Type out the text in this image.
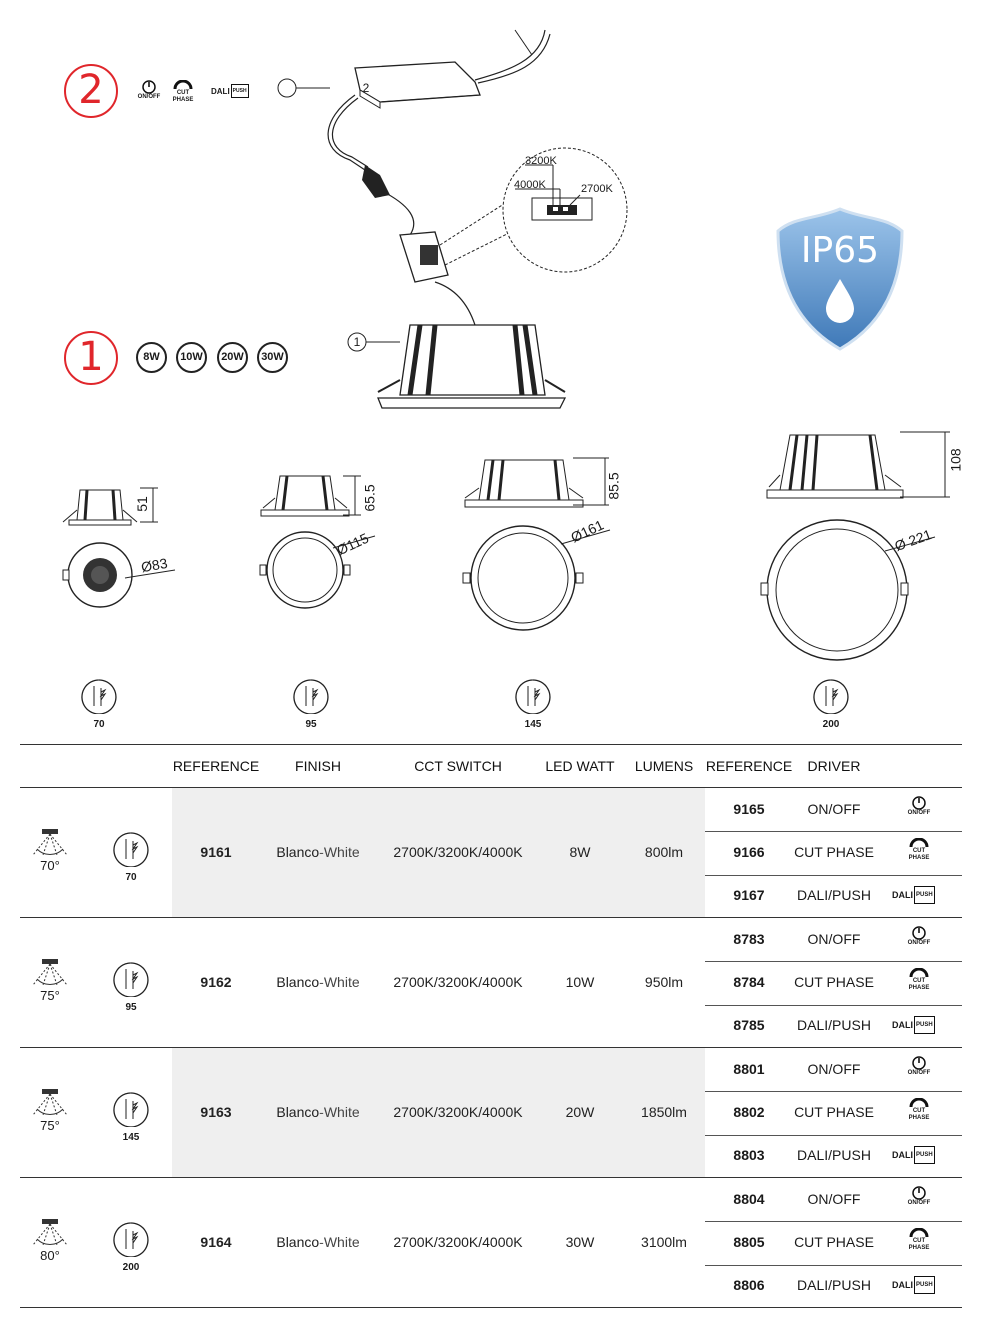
2
1
ON/OFF
CUT
PHASE
DALI PUSH
8W	10W	20W	30W
2
1
3200K
4000K	2700K
IP65
51
Ø83
65.5
Ø115
85.5
Ø161
108
Ø 221
70	95	145	200
REFERENCE	FINISH	CCT SWITCH	LED WATT	LUMENS REFERENCE	DRIVER
70°
70
9161	Blanco-White	2700K/3200K/4000K	8W	800lm
9165	ON/OFF	ON/OFF
9166	CUT PHASE	CUT
PHASE
9167	DALI/PUSH	DALI PUSH
75°
95
9162	Blanco-White	2700K/3200K/4000K	10W	950lm
8783	ON/OFF	ON/OFF
8784	CUT PHASE	CUT
PHASE
8785	DALI/PUSH	DALI PUSH
75°
145
9163	Blanco-White	2700K/3200K/4000K	20W	1850lm
8801	ON/OFF	ON/OFF
8802	CUT PHASE	CUT
PHASE
8803	DALI/PUSH	DALI PUSH
80°
200
9164	Blanco-White	2700K/3200K/4000K	30W	3100lm
8804	ON/OFF	ON/OFF
8805	CUT PHASE	CUT
PHASE
8806	DALI/PUSH	DALI PUSH
